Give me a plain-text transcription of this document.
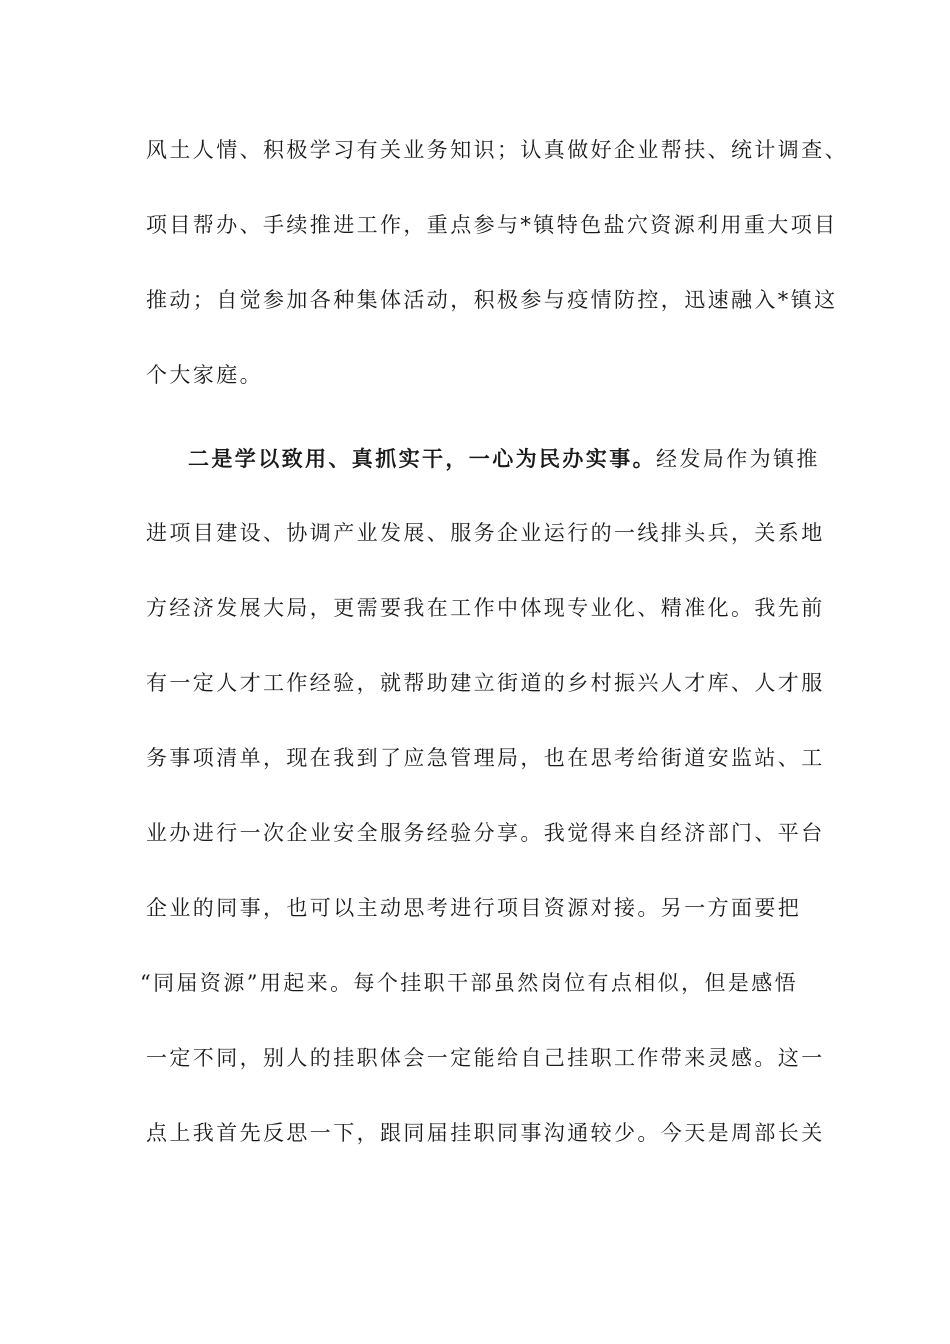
风土人情、积极学习有关业务知识；认真做好企业帮扶、统计调查、
项目帮办、手续推进工作，重点参与*镇特色盐穴资源利用重大项目
推动；自觉参加各种集体活动，积极参与疫情防控，迅速融入*镇这
个大家庭。
二是学以致用、真抓实干，一心为民办实事。经发局作为镇推
进项目建设、协调产业发展、服务企业运行的一线排头兵，关系地
方经济发展大局，更需要我在工作中体现专业化、精准化。我先前
有一定人才工作经验，就帮助建立街道的乡村振兴人才库、人才服
务事项清单，现在我到了应急管理局，也在思考给街道安监站、工
业办进行一次企业安全服务经验分享。我觉得来自经济部门、平台
企业的同事，也可以主动思考进行项目资源对接。另一方面要把
“同届资源”用起来。每个挂职干部虽然岗位有点相似，但是感悟
一定不同，别人的挂职体会一定能给自己挂职工作带来灵感。这一
点上我首先反思一下，跟同届挂职同事沟通较少。今天是周部长关
